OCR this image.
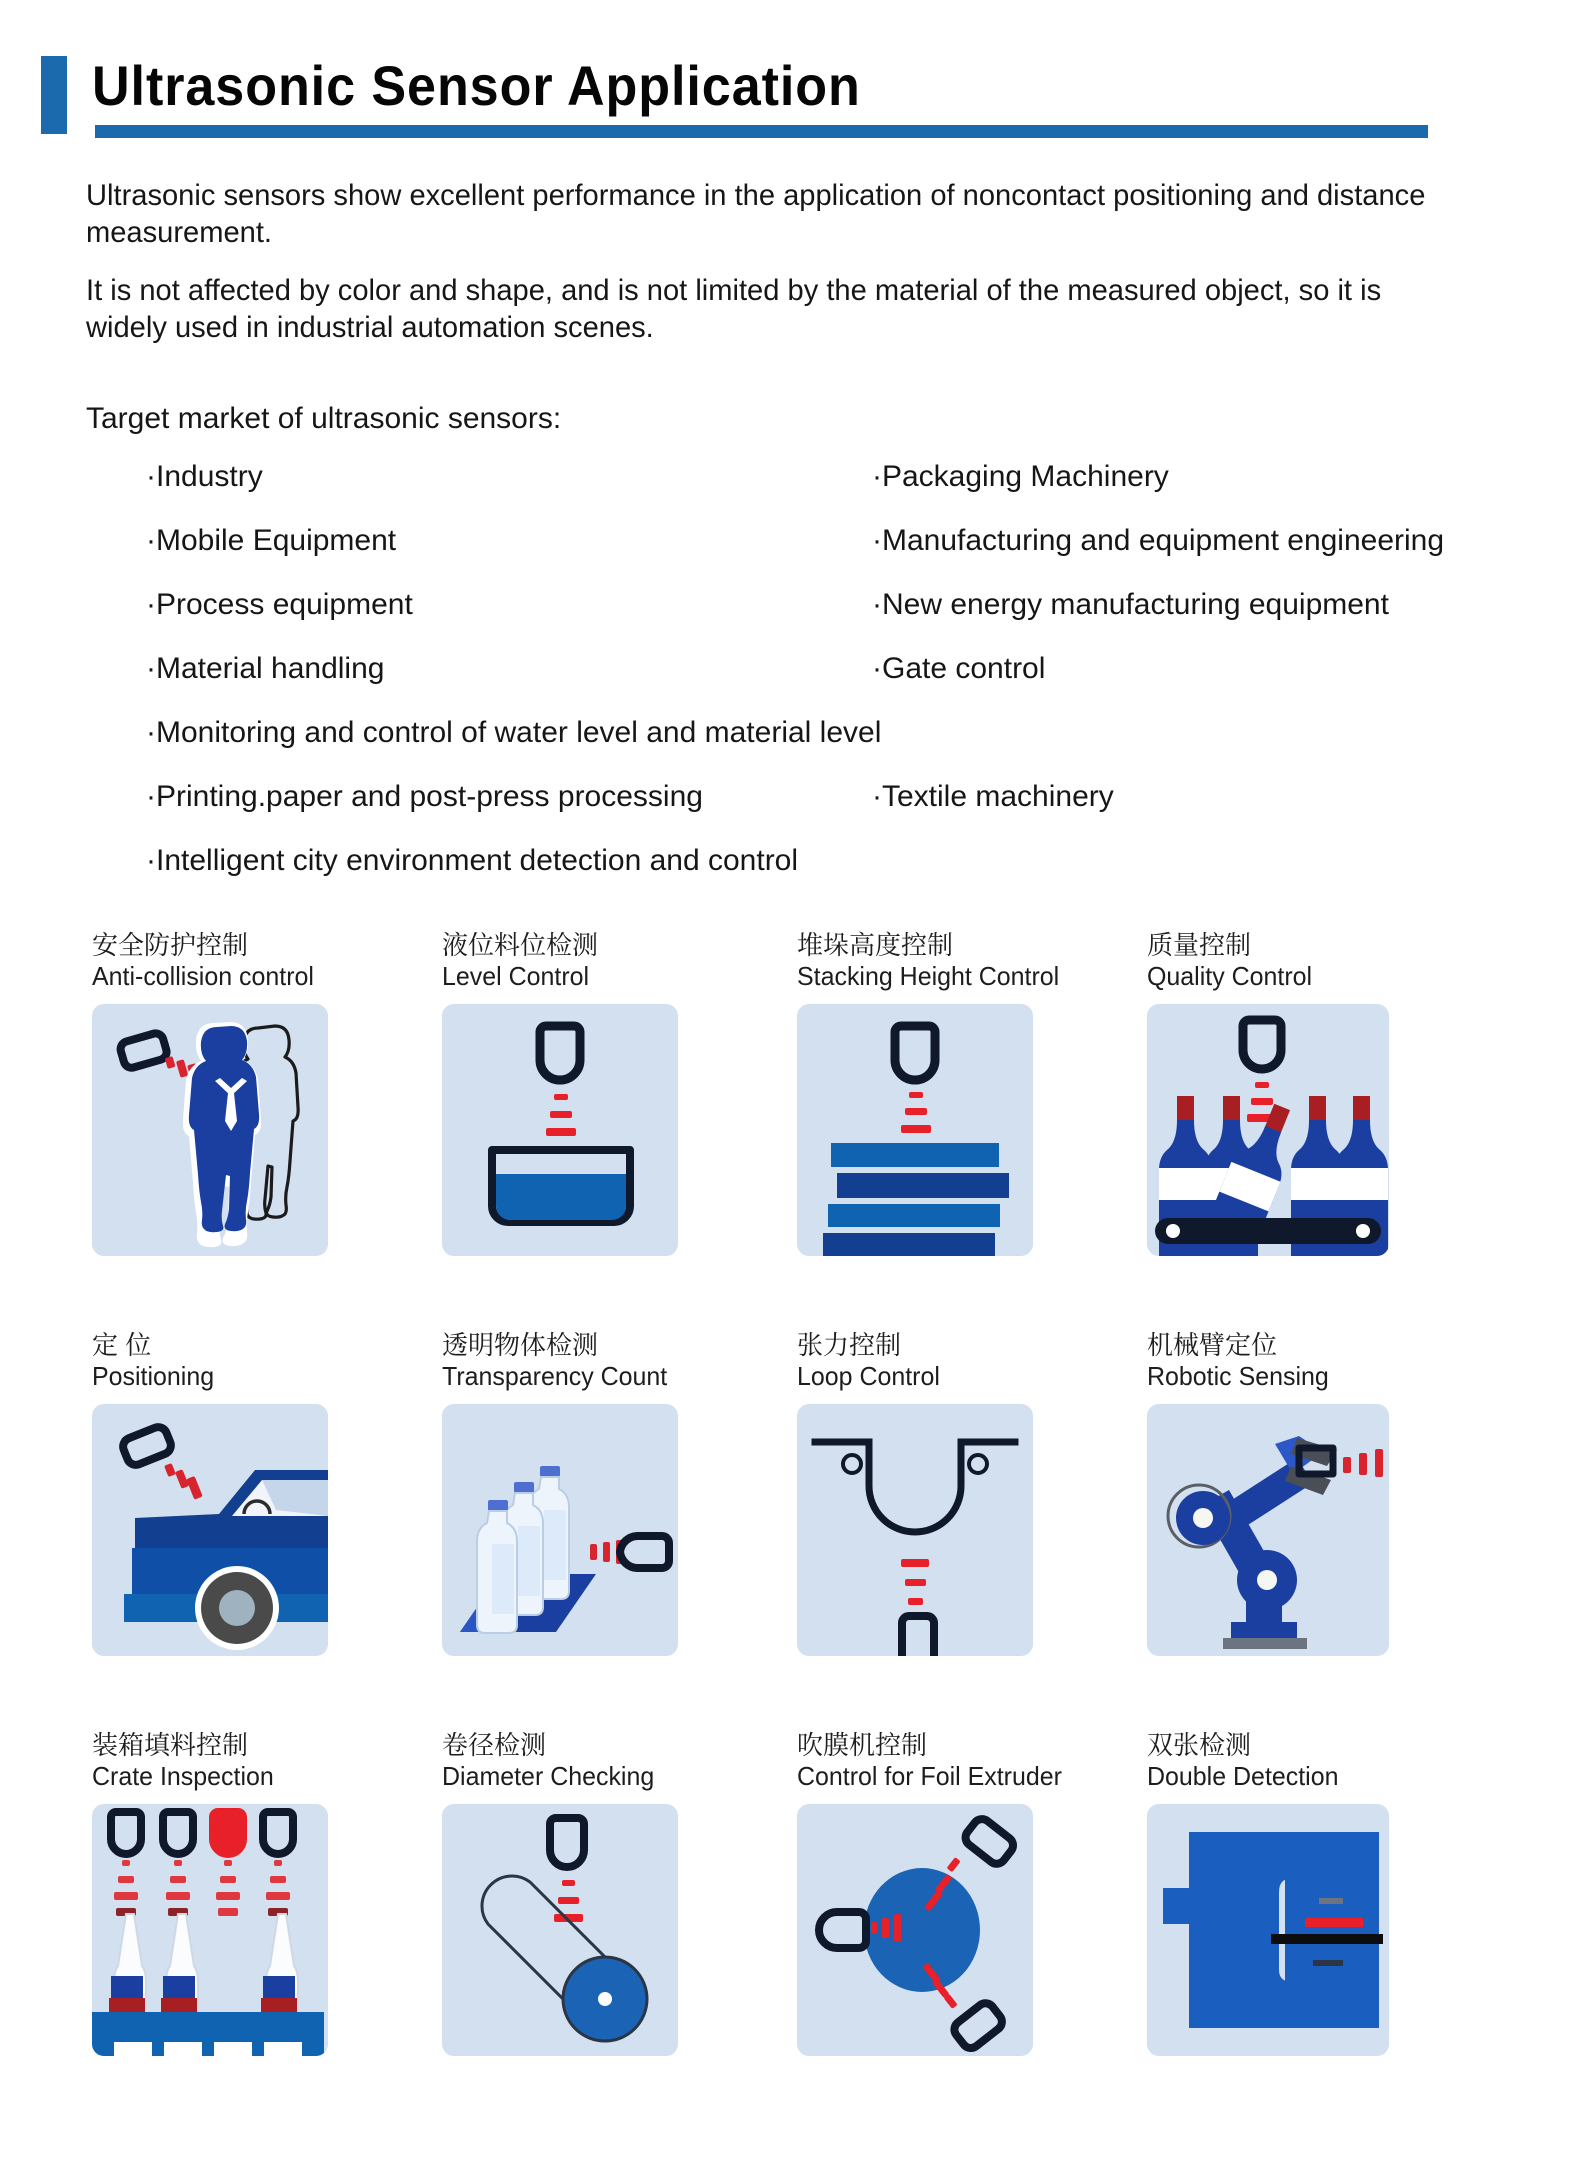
Ultrasonic Sensor Application

Ultrasonic sensors show excellent performance in the application of noncontact positioning and distance measurement.

It is not affected by color and shape, and is not limited by the material of the measured object, so it is widely used in industrial automation scenes.

Target market of ultrasonic sensors:
·Industry	·Packaging Machinery
·Mobile Equipment	·Manufacturing and equipment engineering
·Process equipment	·New energy manufacturing equipment
·Material handling	·Gate control
·Monitoring and control of water level and material level
·Printing.paper and post-press processing	·Textile machinery
·Intelligent city environment detection and control
安全防护控制
Anti-collision control
液位料位检测
Level Control
堆垛高度控制
Stacking Height Control
质量控制
Quality Control
定 位
Positioning
透明物体检测
Transparency Count
张力控制
Loop Control
机械臂定位
Robotic Sensing
装箱填料控制
Crate Inspection
卷径检测
Diameter Checking
吹膜机控制
Control for Foil Extruder
双张检测
Double Detection
